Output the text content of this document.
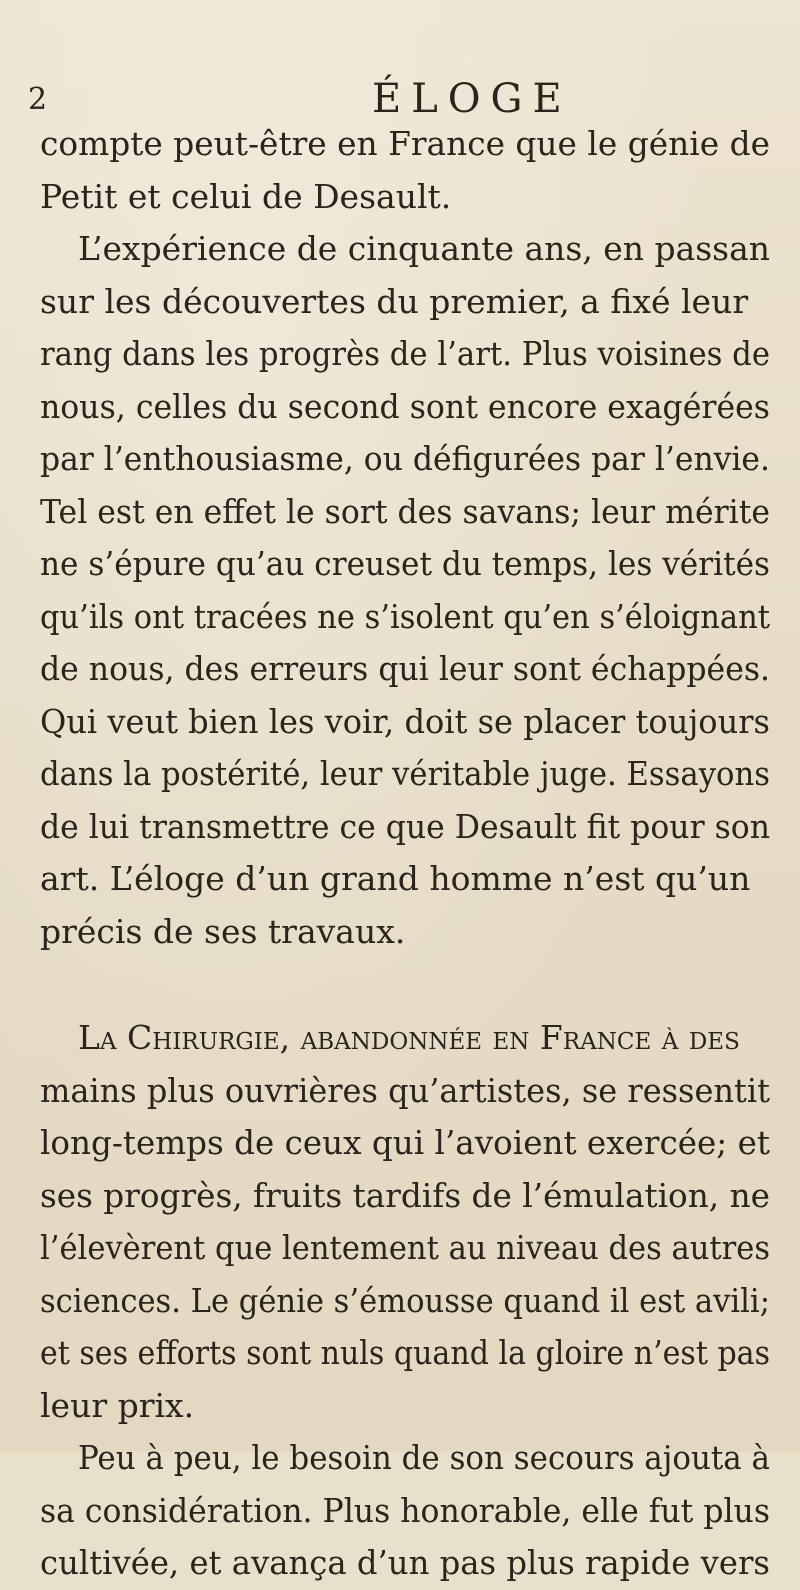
2	ÉLOGE
compte peut-être en France que le génie de
Petit et celui de Desault.
L’expérience de cinquante ans, en passan
sur les découvertes du premier, a fixé leur
rang dans les progrès de l’art. Plus voisines de
nous, celles du second sont encore exagérées
par l’enthousiasme, ou défigurées par l’envie.
Tel est en effet le sort des savans; leur mérite
ne s’épure qu’au creuset du temps, les vérités
qu’ils ont tracées ne s’isolent qu’en s’éloignant
de nous, des erreurs qui leur sont échappées.
Qui veut bien les voir, doit se placer toujours
dans la postérité, leur véritable juge. Essayons
de lui transmettre ce que Desault fit pour son
art. L’éloge d’un grand homme n’est qu’un
précis de ses travaux.
La Chirurgie, abandonnée en France à des
mains plus ouvrières qu’artistes, se ressentit
long-temps de ceux qui l’avoient exercée; et
ses progrès, fruits tardifs de l’émulation, ne
l’élevèrent que lentement au niveau des autres
sciences. Le génie s’émousse quand il est avili;
et ses efforts sont nuls quand la gloire n’est pas
leur prix.
Peu à peu, le besoin de son secours ajouta à
sa considération. Plus honorable, elle fut plus
cultivée, et avança d’un pas plus rapide vers
